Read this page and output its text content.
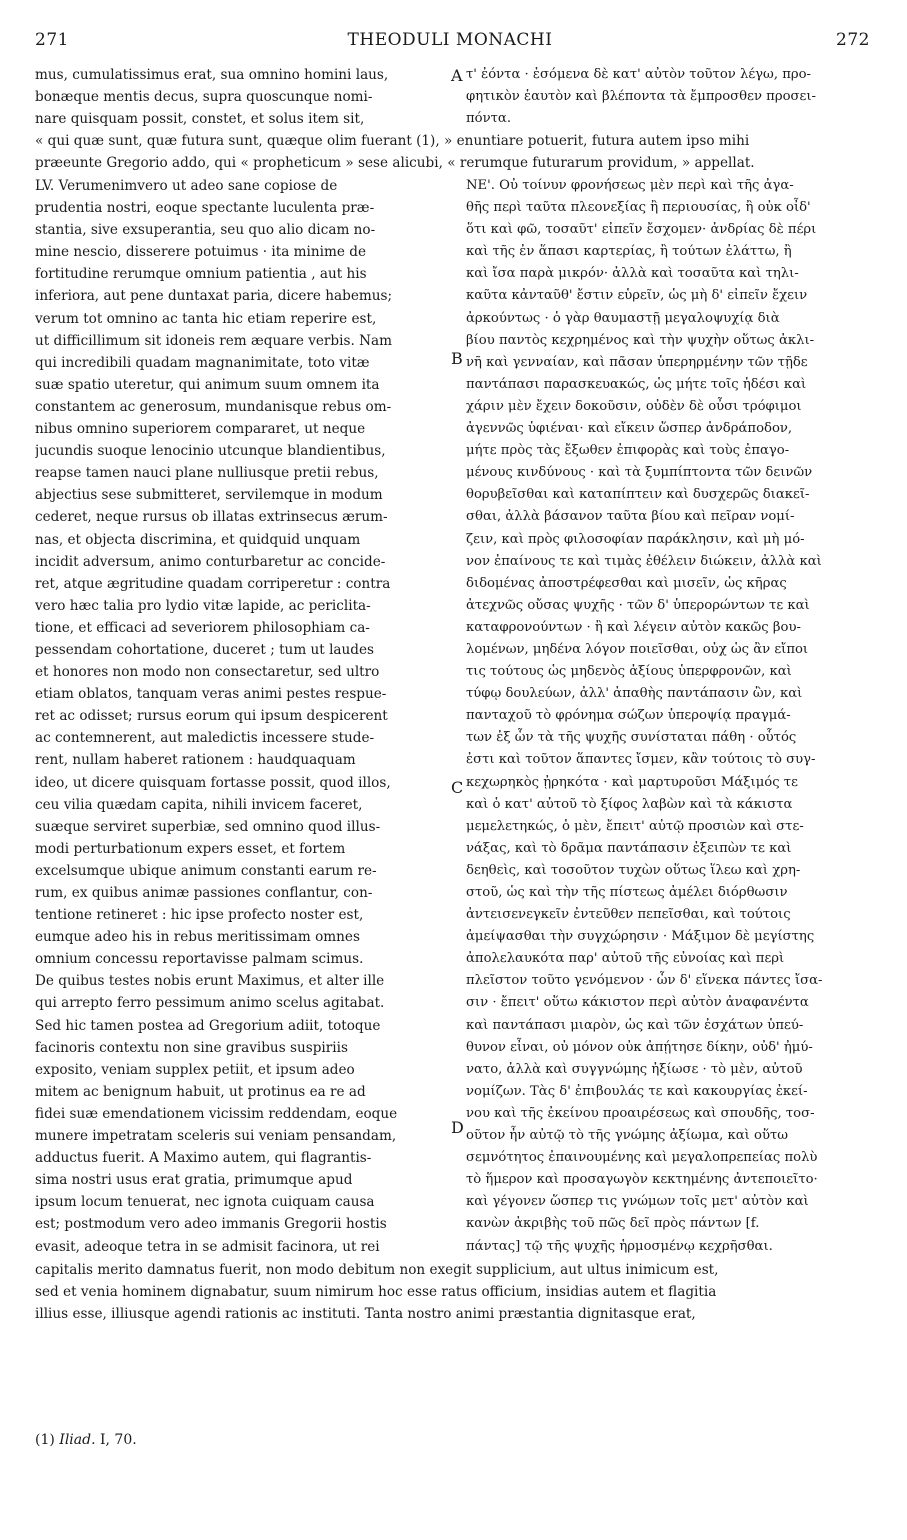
271	THEODULI MONACHI	272
mus, cumulatissimus erat, sua omnino homini laus,
bonæque mentis decus, supra quoscunque nomi-
nare quisquam possit, constet, et solus item sit,
τ' ἐόντα · ἐσόμενα δὲ κατ' αὐτὸν τοῦτον λέγω, προ-
φητικὸν ἑαυτὸν καὶ βλέποντα τὰ ἔμπροσθεν προσει-
πόντα.
A
« qui quæ sunt, quæ futura sunt, quæque olim fuerant (1), » enuntiare potuerit, futura autem ipso mihi
præeunte Gregorio addo, qui « propheticum » sese alicubi, « rerumque futurarum providum, » appellat.
LV. Verumenimvero ut adeo sane copiose de
prudentia nostri, eoque spectante luculenta præ-
stantia, sive exsuperantia, seu quo alio dicam no-
mine nescio, disserere potuimus · ita minime de
fortitudine rerumque omnium patientia , aut his
inferiora, aut pene duntaxat paria, dicere habemus;
verum tot omnino ac tanta hic etiam reperire est,
ut difficillimum sit idoneis rem æquare verbis. Nam
qui incredibili quadam magnanimitate, toto vitæ
suæ spatio uteretur, qui animum suum omnem ita
constantem ac generosum, mundanisque rebus om-
nibus omnino superiorem compararet, ut neque
jucundis suoque lenocinio utcunque blandientibus,
reapse tamen nauci plane nulliusque pretii rebus,
abjectius sese submitteret, servilemque in modum
cederet, neque rursus ob illatas extrinsecus ærum-
nas, et objecta discrimina, et quidquid unquam
incidit adversum, animo conturbaretur ac concide-
ret, atque ægritudine quadam corriperetur : contra
vero hæc talia pro lydio vitæ lapide, ac periclita-
tione, et efficaci ad severiorem philosophiam ca-
pessendam cohortatione, duceret ; tum ut laudes
et honores non modo non consectaretur, sed ultro
etiam oblatos, tanquam veras animi pestes respue-
ret ac odisset; rursus eorum qui ipsum despicerent
ac contemnerent, aut maledictis incessere stude-
rent, nullam haberet rationem : haudquaquam
ideo, ut dicere quisquam fortasse possit, quod illos,
ceu vilia quædam capita, nihili invicem faceret,
suæque serviret superbiæ, sed omnino quod illus-
modi perturbationum expers esset, et fortem
excelsumque ubique animum constanti earum re-
rum, ex quibus animæ passiones conflantur, con-
tentione retineret : hic ipse profecto noster est,
eumque adeo his in rebus meritissimam omnes
omnium concessu reportavisse palmam scimus.
De quibus testes nobis erunt Maximus, et alter ille
qui arrepto ferro pessimum animo scelus agitabat.
Sed hic tamen postea ad Gregorium adiit, totoque
facinoris contextu non sine gravibus suspiriis
exposito, veniam supplex petiit, et ipsum adeo
mitem ac benignum habuit, ut protinus ea re ad
fidei suæ emendationem vicissim reddendam, eoque
munere impetratam sceleris sui veniam pensandam,
adductus fuerit. A Maximo autem, qui flagrantis-
sima nostri usus erat gratia, primumque apud
ipsum locum tenuerat, nec ignota cuiquam causa
est; postmodum vero adeo immanis Gregorii hostis
evasit, adeoque tetra in se admisit facinora, ut rei
ΝΕ'. Οὐ τοίνυν φρονήσεως μὲν περὶ καὶ τῆς ἀγα-
θῆς περὶ ταῦτα πλεονεξίας ἢ περιουσίας, ἢ οὐκ οἶδ'
ὅτι καὶ φῶ, τοσαῦτ' εἰπεῖν ἔσχομεν· ἀνδρίας δὲ πέρι
καὶ τῆς ἐν ἅπασι καρτερίας, ἢ τούτων ἐλάττω, ἢ
καὶ ἴσα παρὰ μικρόν· ἀλλὰ καὶ τοσαῦτα καὶ τηλι-
καῦτα κἀνταῦθ' ἔστιν εὑρεῖν, ὡς μὴ δ' εἰπεῖν ἔχειν
ἀρκούντως · ὁ γὰρ θαυμαστῇ μεγαλοψυχίᾳ διὰ
βίου παντὸς κεχρημένος καὶ τὴν ψυχὴν οὕτως ἀκλι-
νῆ καὶ γενναίαν, καὶ πᾶσαν ὑπερηρμένην τῶν τῇδε
παντάπασι παρασκευακώς, ὡς μήτε τοῖς ἡδέσι καὶ
χάριν μὲν ἔχειν δοκοῦσιν, οὐδὲν δὲ οὖσι τρόφιμοι
ἀγεννῶς ὑφιέναι· καὶ εἴκειν ὥσπερ ἀνδράποδον,
μήτε πρὸς τὰς ἔξωθεν ἐπιφορὰς καὶ τοὺς ἐπαγο-
μένους κινδύνους · καὶ τὰ ξυμπίπτοντα τῶν δεινῶν
θορυβεῖσθαι καὶ καταπίπτειν καὶ δυσχερῶς διακεῖ-
σθαι, ἀλλὰ βάσανον ταῦτα βίου καὶ πεῖραν νομί-
ζειν, καὶ πρὸς φιλοσοφίαν παράκλησιν, καὶ μὴ μό-
νον ἐπαίνους τε καὶ τιμὰς ἐθέλειν διώκειν, ἀλλὰ καὶ
διδομένας ἀποστρέφεσθαι καὶ μισεῖν, ὡς κῆρας
ἀτεχνῶς οὔσας ψυχῆς · τῶν δ' ὑπερορώντων τε καὶ
καταφρονούντων · ἢ καὶ λέγειν αὐτὸν κακῶς βου-
λομένων, μηδένα λόγον ποιεῖσθαι, οὐχ ὡς ἂν εἴποι
τις τούτους ὡς μηδενὸς ἀξίους ὑπερφρονῶν, καὶ
τύφῳ δουλεύων, ἀλλ' ἀπαθὴς παντάπασιν ὢν, καὶ
πανταχοῦ τὸ φρόνημα σώζων ὑπεροψίᾳ πραγμά-
των ἐξ ὧν τὰ τῆς ψυχῆς συνίσταται πάθη · οὗτός
ἐστι καὶ τοῦτον ἅπαντες ἴσμεν, κἂν τούτοις τὸ συγ-
κεχωρηκὸς ᾐρηκότα · καὶ μαρτυροῦσι Μάξιμός τε
καὶ ὁ κατ' αὐτοῦ τὸ ξίφος λαβὼν καὶ τὰ κάκιστα
μεμελετηκώς, ὁ μὲν, ἔπειτ' αὐτῷ προσιὼν καὶ στε-
νάξας, καὶ τὸ δρᾶμα παντάπασιν ἐξειπὼν τε καὶ
δεηθεὶς, καὶ τοσοῦτον τυχὼν οὕτως ἵλεω καὶ χρη-
στοῦ, ὡς καὶ τὴν τῆς πίστεως ἀμέλει διόρθωσιν
ἀντεισενεγκεῖν ἐντεῦθεν πεπεῖσθαι, καὶ τούτοις
ἀμείψασθαι τὴν συγχώρησιν · Μάξιμον δὲ μεγίστης
ἀπολελαυκότα παρ' αὐτοῦ τῆς εὐνοίας καὶ περὶ
πλεῖστον τοῦτο γενόμενον · ὧν δ' εἵνεκα πάντες ἴσα-
σιν · ἔπειτ' οὕτω κάκιστον περὶ αὐτὸν ἀναφανέντα
καὶ παντάπασι μιαρὸν, ὡς καὶ τῶν ἐσχάτων ὑπεύ-
θυνον εἶναι, οὐ μόνον οὐκ ἀπῄτησε δίκην, οὐδ' ἠμύ-
νατο, ἀλλὰ καὶ συγγνώμης ἠξίωσε · τὸ μὲν, αὐτοῦ
νομίζων. Τὰς δ' ἐπιβουλάς τε καὶ κακουργίας ἐκεί-
νου καὶ τῆς ἐκείνου προαιρέσεως καὶ σπουδῆς, τοσ-
οῦτον ἦν αὐτῷ τὸ τῆς γνώμης ἀξίωμα, καὶ οὕτω
σεμνότητος ἐπαινουμένης καὶ μεγαλοπρεπείας πολὺ
τὸ ἥμερον καὶ προσαγωγὸν κεκτημένης ἀντεποιεῖτο·
καὶ γέγονεν ὥσπερ τις γνώμων τοῖς μετ' αὐτὸν καὶ
κανὼν ἀκριβὴς τοῦ πῶς δεῖ πρὸς πάντων [f.
πάντας] τῷ τῆς ψυχῆς ἡρμοσμένῳ κεχρῆσθαι.
B
C
D
capitalis merito damnatus fuerit, non modo debitum non exegit supplicium, aut ultus inimicum est,
sed et venia hominem dignabatur, suum nimirum hoc esse ratus officium, insidias autem et flagitia
illius esse, illiusque agendi rationis ac instituti. Tanta nostro animi præstantia dignitasque erat,
(1) Iliad. I, 70.
